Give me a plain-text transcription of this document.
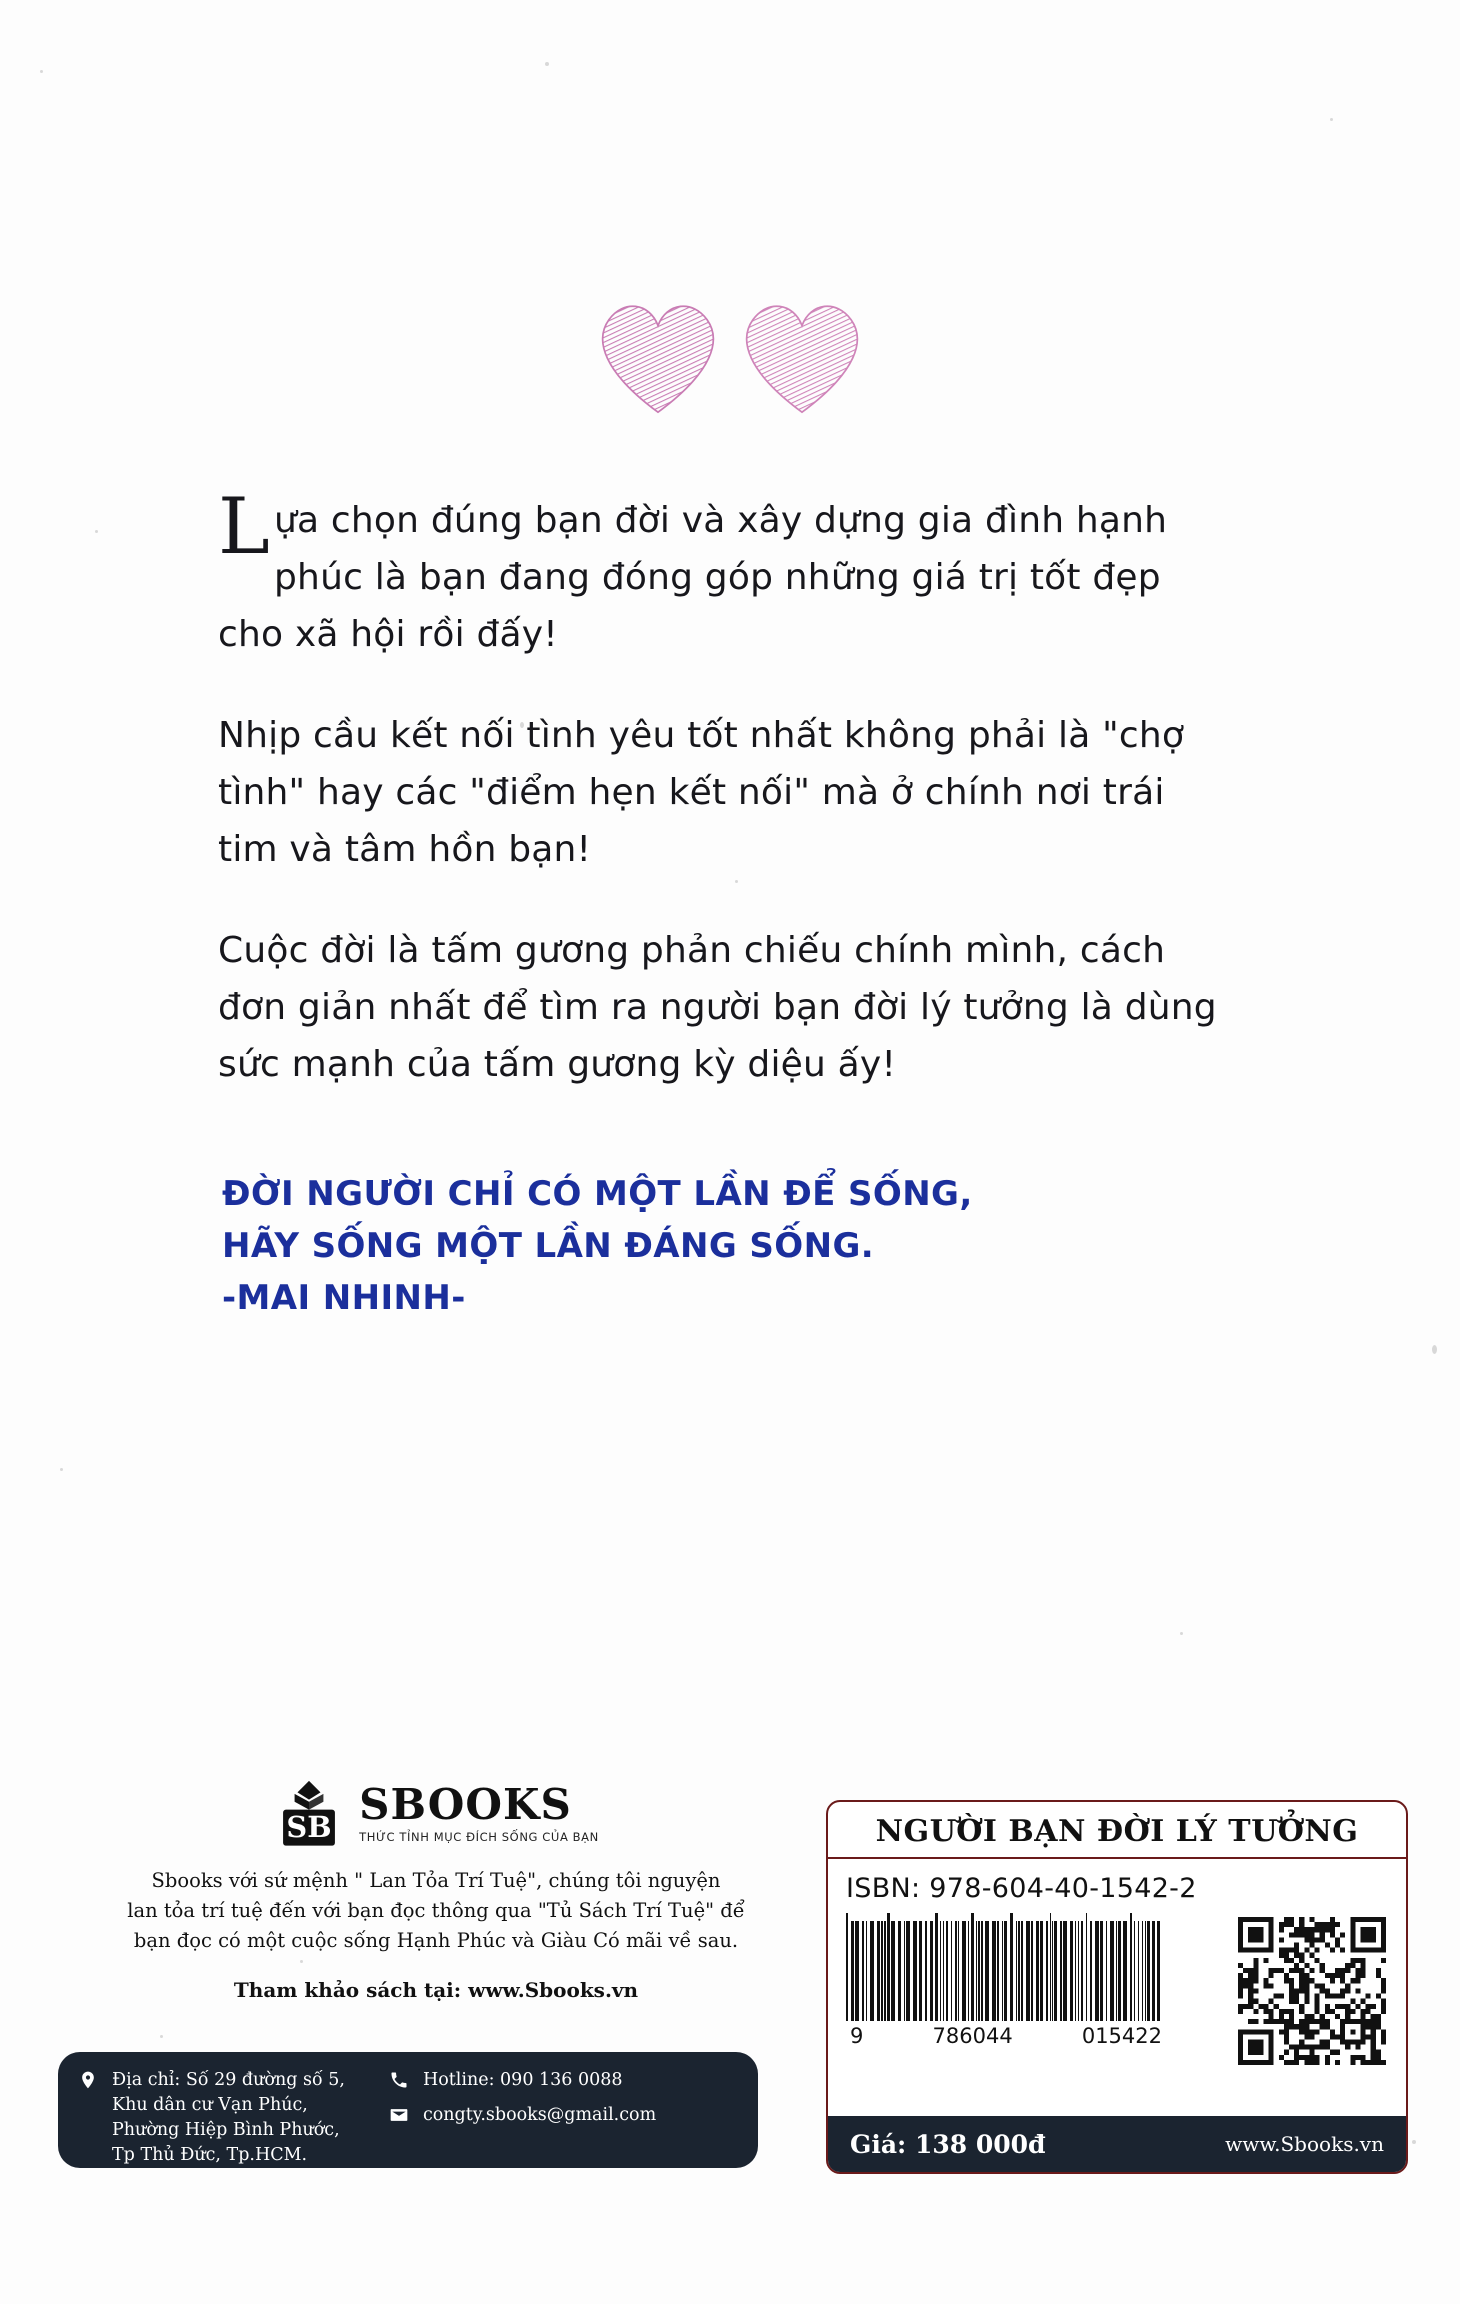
Lựa chọn đúng bạn đời và xây dựng gia đình hạnh phúc là bạn đang đóng góp những giá trị tốt đẹp cho xã hội rồi đấy!

Nhịp cầu kết nối tình yêu tốt nhất không phải là "chợ tình" hay các "điểm hẹn kết nối" mà ở chính nơi trái tim và tâm hồn bạn!

Cuộc đời là tấm gương phản chiếu chính mình, cách đơn giản nhất để tìm ra người bạn đời lý tưởng là dùng sức mạnh của tấm gương kỳ diệu ấy!

ĐỜI NGƯỜI CHỈ CÓ MỘT LẦN ĐỂ SỐNG,
HÃY SỐNG MỘT LẦN ĐÁNG SỐNG.
-MAI NHINH-
SB SBOOKS
THỨC TỈNH MỤC ĐÍCH SỐNG CỦA BẠN
Sbooks với sứ mệnh " Lan Tỏa Trí Tuệ", chúng tôi nguyện
lan tỏa trí tuệ đến với bạn đọc thông qua "Tủ Sách Trí Tuệ" để
bạn đọc có một cuộc sống Hạnh Phúc và Giàu Có mãi về sau.
Tham khảo sách tại: www.Sbooks.vn
Địa chỉ: Số 29 đường số 5,
Khu dân cư Vạn Phúc,
Phường Hiệp Bình Phước,
Tp Thủ Đức, Tp.HCM.
Hotline: 090 136 0088
congty.sbooks@gmail.com
NGƯỜI BẠN ĐỜI LÝ TƯỞNG
ISBN: 978-604-40-1542-2
9	786044	015422
Giá: 138 000đ	www.Sbooks.vn
